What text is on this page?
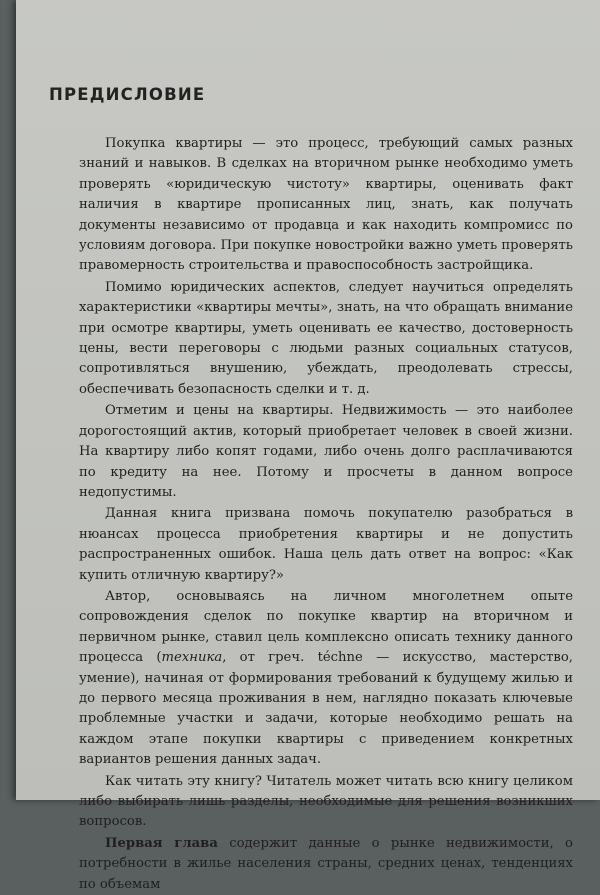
ПРЕДИСЛОВИЕ

Покупка квартиры — это процесс, требующий самых разных знаний и навыков. В сделках на вторичном рынке необходимо уметь проверять «юридическую чистоту» квартиры, оценивать факт наличия в квартире прописанных лиц, знать, как получать документы независимо от продавца и как находить компромисс по условиям договора. При покупке новостройки важно уметь проверять правомерность строительства и правоспособность застройщика.

Помимо юридических аспектов, следует научиться определять характеристики «квартиры мечты», знать, на что обращать внимание при осмотре квартиры, уметь оценивать ее качество, достоверность цены, вести переговоры с людьми разных социальных статусов, сопротивляться внушению, убеждать, преодолевать стрессы, обеспечивать безопасность сделки и т. д.

Отметим и цены на квартиры. Недвижимость — это наиболее дорогостоящий актив, который приобретает человек в своей жизни. На квартиру либо копят годами, либо очень долго расплачиваются по кредиту на нее. Потому и просчеты в данном вопросе недопустимы.

Данная книга призвана помочь покупателю разобраться в нюансах процесса приобретения квартиры и не допустить распространенных ошибок. Наша цель дать ответ на вопрос: «Как купить отличную квартиру?»

Автор, основываясь на личном многолетнем опыте сопровождения сделок по покупке квартир на вторичном и первичном рынке, ставил цель комплексно описать технику данного процесса (техника, от греч. téchne — искусство, мастерство, умение), начиная от формирования требований к будущему жилью и до первого месяца проживания в нем, наглядно показать ключевые проблемные участки и задачи, которые необходимо решать на каждом этапе покупки квартиры с приведением конкретных вариантов решения данных задач.

Как читать эту книгу? Читатель может читать всю книгу целиком либо выбирать лишь разделы, необходимые для решения возникших вопросов.

Первая глава содержит данные о рынке недвижимости, о потребности в жилье населения страны, средних ценах, тенденциях по объемам
